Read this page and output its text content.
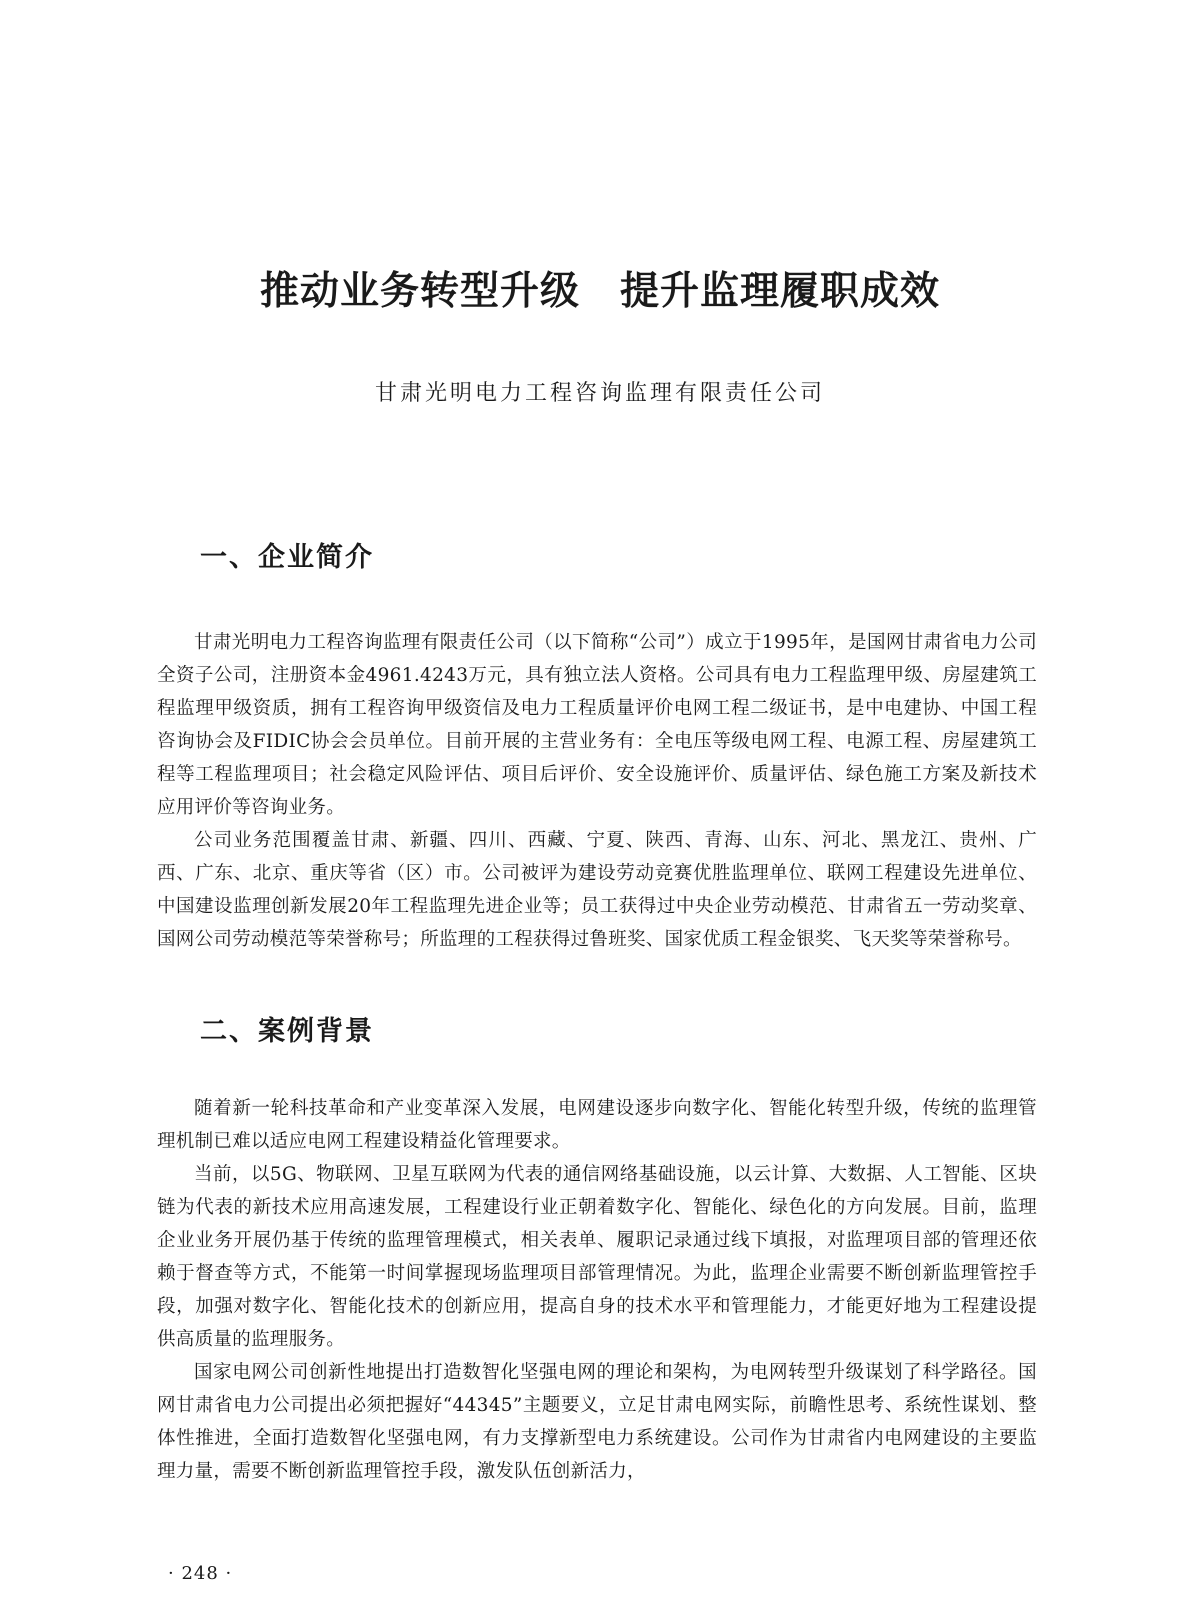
推动业务转型升级 提升监理履职成效
甘肃光明电力工程咨询监理有限责任公司
一、企业简介

甘肃光明电力工程咨询监理有限责任公司（以下简称“公司”）成立于1995年，是国网甘肃省电力公司全资子公司，注册资本金4961.4243万元，具有独立法人资格。公司具有电力工程监理甲级、房屋建筑工程监理甲级资质，拥有工程咨询甲级资信及电力工程质量评价电网工程二级证书，是中电建协、中国工程咨询协会及FIDIC协会会员单位。目前开展的主营业务有：全电压等级电网工程、电源工程、房屋建筑工程等工程监理项目；社会稳定风险评估、项目后评价、安全设施评价、质量评估、绿色施工方案及新技术应用评价等咨询业务。

公司业务范围覆盖甘肃、新疆、四川、西藏、宁夏、陕西、青海、山东、河北、黑龙江、贵州、广西、广东、北京、重庆等省（区）市。公司被评为建设劳动竞赛优胜监理单位、联网工程建设先进单位、中国建设监理创新发展20年工程监理先进企业等；员工获得过中央企业劳动模范、甘肃省五一劳动奖章、国网公司劳动模范等荣誉称号；所监理的工程获得过鲁班奖、国家优质工程金银奖、飞天奖等荣誉称号。

二、案例背景

随着新一轮科技革命和产业变革深入发展，电网建设逐步向数字化、智能化转型升级，传统的监理管理机制已难以适应电网工程建设精益化管理要求。

当前，以5G、物联网、卫星互联网为代表的通信网络基础设施，以云计算、大数据、人工智能、区块链为代表的新技术应用高速发展，工程建设行业正朝着数字化、智能化、绿色化的方向发展。目前，监理企业业务开展仍基于传统的监理管理模式，相关表单、履职记录通过线下填报，对监理项目部的管理还依赖于督查等方式，不能第一时间掌握现场监理项目部管理情况。为此，监理企业需要不断创新监理管控手段，加强对数字化、智能化技术的创新应用，提高自身的技术水平和管理能力，才能更好地为工程建设提供高质量的监理服务。

国家电网公司创新性地提出打造数智化坚强电网的理论和架构，为电网转型升级谋划了科学路径。国网甘肃省电力公司提出必须把握好“44345”主题要义，立足甘肃电网实际，前瞻性思考、系统性谋划、整体性推进，全面打造数智化坚强电网，有力支撑新型电力系统建设。公司作为甘肃省内电网建设的主要监理力量，需要不断创新监理管控手段，激发队伍创新活力，

· 248 ·
